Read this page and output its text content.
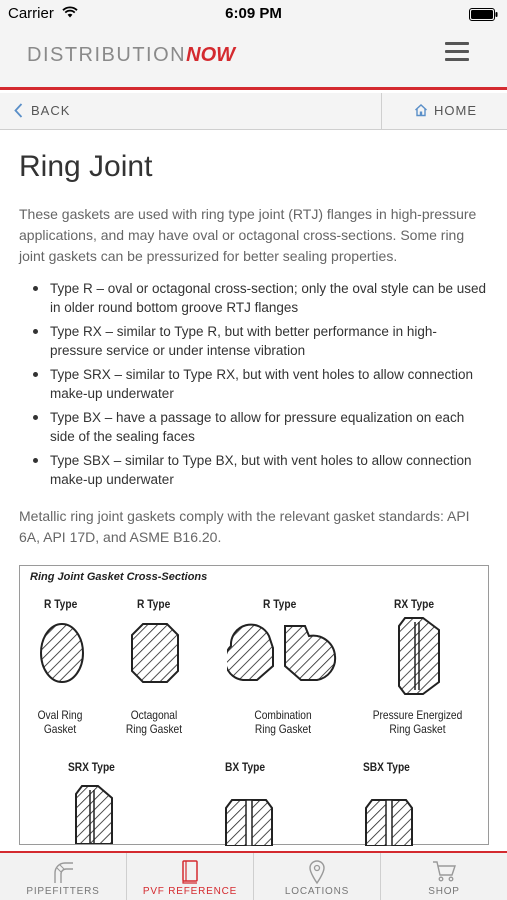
Carrier	6:09 PM
DISTRIBUTIONNOW
BACK	HOME
Ring Joint

These gaskets are used with ring type joint (RTJ) flanges in high-pressure applications, and may have oval or octagonal cross-sections. Some ring joint gaskets can be pressurized for better sealing properties.

Type R – oval or octagonal cross-section; only the oval style can be used in older round bottom groove RTJ flanges
Type RX – similar to Type R, but with better performance in high-pressure service or under intense vibration
Type SRX – similar to Type RX, but with vent holes to allow connection make-up underwater
Type BX – have a passage to allow for pressure equalization on each side of the sealing faces
Type SBX – similar to Type BX, but with vent holes to allow connection make-up underwater

Metallic ring joint gaskets comply with the relevant gasket standards: API 6A, API 17D, and ASME B16.20.

Ring Joint Gasket Cross-Sections
R Type	R Type	R Type	RX Type
Oval Ring
Gasket
Octagonal
Ring Gasket
Combination
Ring Gasket
Pressure Energized
Ring Gasket
SRX Type	BX Type	SBX Type
PIPEFITTERS	PVF REFERENCE	LOCATIONS	SHOP
